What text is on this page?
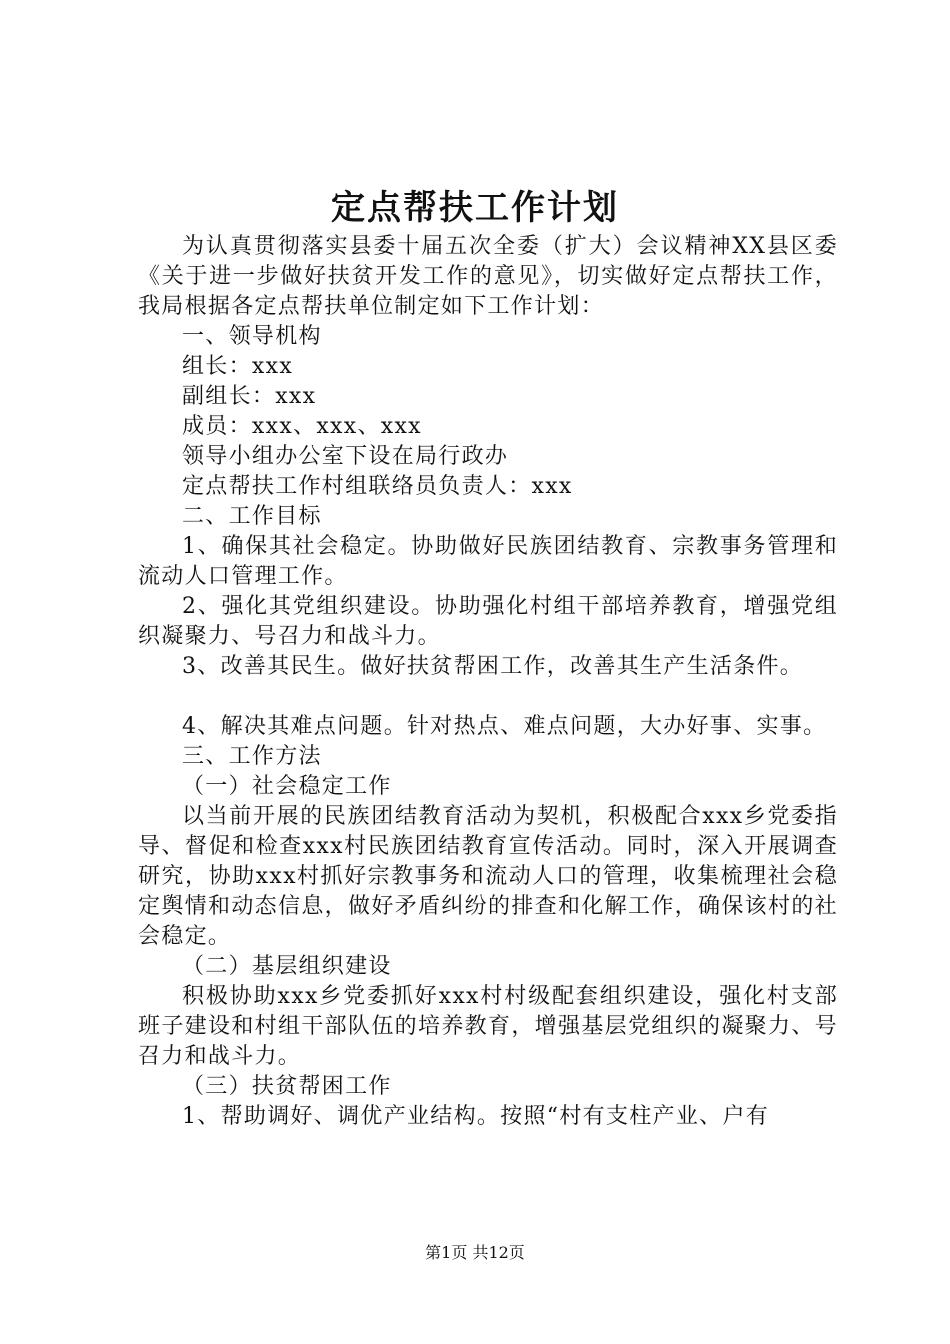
定点帮扶工作计划

为认真贯彻落实县委十届五次全委（扩大）会议精神XX县区委《关于进一步做好扶贫开发工作的意见》，切实做好定点帮扶工作，我局根据各定点帮扶单位制定如下工作计划：

一、领导机构

组长：xxx

副组长：xxx

成员：xxx、xxx、xxx

领导小组办公室下设在局行政办

定点帮扶工作村组联络员负责人：xxx

二、工作目标

1、确保其社会稳定。协助做好民族团结教育、宗教事务管理和流动人口管理工作。

2、强化其党组织建设。协助强化村组干部培养教育，增强党组织凝聚力、号召力和战斗力。

3、改善其民生。做好扶贫帮困工作，改善其生产生活条件。

4、解决其难点问题。针对热点、难点问题，大办好事、实事。

三、工作方法

（一）社会稳定工作

以当前开展的民族团结教育活动为契机，积极配合xxx乡党委指导、督促和检查xxx村民族团结教育宣传活动。同时，深入开展调查研究，协助xxx村抓好宗教事务和流动人口的管理，收集梳理社会稳定舆情和动态信息，做好矛盾纠纷的排查和化解工作，确保该村的社会稳定。

（二）基层组织建设

积极协助xxx乡党委抓好xxx村村级配套组织建设，强化村支部班子建设和村组干部队伍的培养教育，增强基层党组织的凝聚力、号召力和战斗力。

（三）扶贫帮困工作

1、帮助调好、调优产业结构。按照“村有支柱产业、户有

第1页 共12页
